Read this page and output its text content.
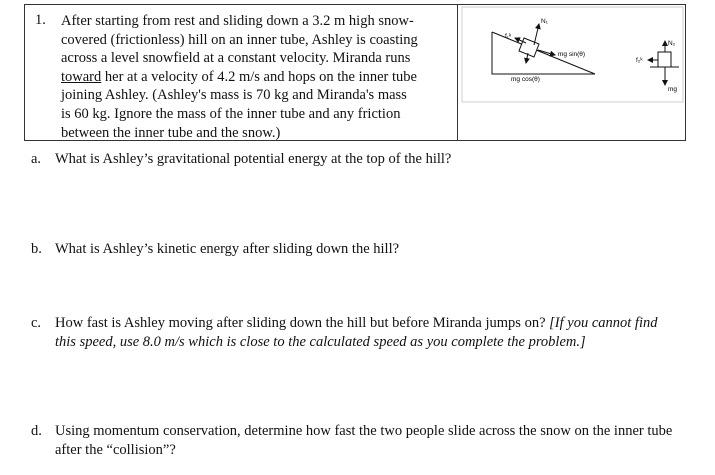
1. After starting from rest and sliding down a 3.2 m high snow-
covered (frictionless) hill on an inner tube, Ashley is coasting
across a level snowfield at a constant velocity. Miranda runs
toward her at a velocity of 4.2 m/s and hops on the inner tube
joining Ashley. (Ashley's mass is 70 kg and Miranda's mass
is 60 kg. Ignore the mass of the inner tube and any friction
between the inner tube and the snow.)
N₁
f₁ᵏ
mg sin(θ)
mg cos(θ)
N₂
f₂ᵏ
mg
a. What is Ashley’s gravitational potential energy at the top of the hill?
b. What is Ashley’s kinetic energy after sliding down the hill?
c. How fast is Ashley moving after sliding down the hill but before Miranda jumps on? [If you cannot find
this speed, use 8.0 m/s which is close to the calculated speed as you complete the problem.]
d. Using momentum conservation, determine how fast the two people slide across the snow on the inner tube
after the “collision”?
